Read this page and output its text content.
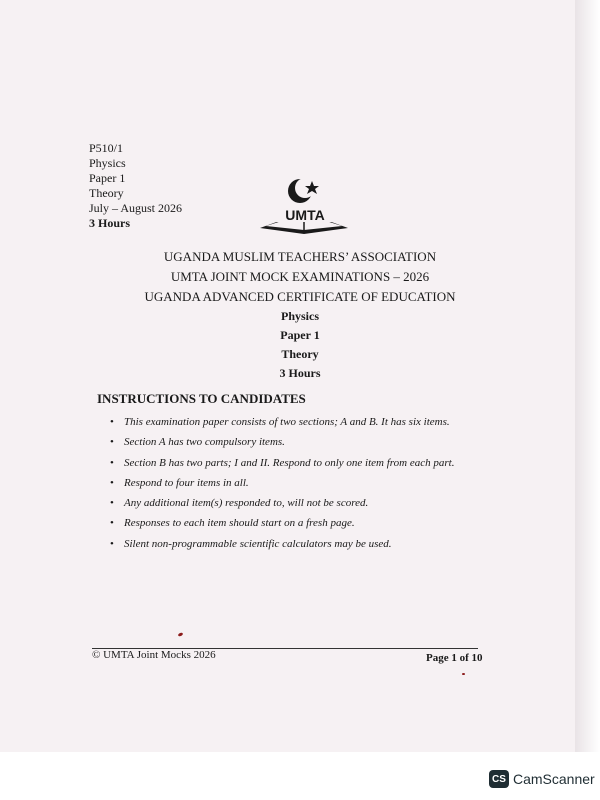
P510/1
Physics
Paper 1
Theory
July – August 2026
3 Hours	UMTA
UGANDA MUSLIM TEACHERS’ ASSOCIATION
UMTA JOINT MOCK EXAMINATIONS – 2026
UGANDA ADVANCED CERTIFICATE OF EDUCATION
Physics
Paper 1
Theory
3 Hours
INSTRUCTIONS TO CANDIDATES
• This examination paper consists of two sections; A and B. It has six items.
• Section A has two compulsory items.
• Section B has two parts; I and II. Respond to only one item from each part.
• Respond to four items in all.
• Any additional item(s) responded to, will not be scored.
• Responses to each item should start on a fresh page.
• Silent non-programmable scientific calculators may be used.
© UMTA Joint Mocks 2026	Page 1 of 10
CS CamScanner
